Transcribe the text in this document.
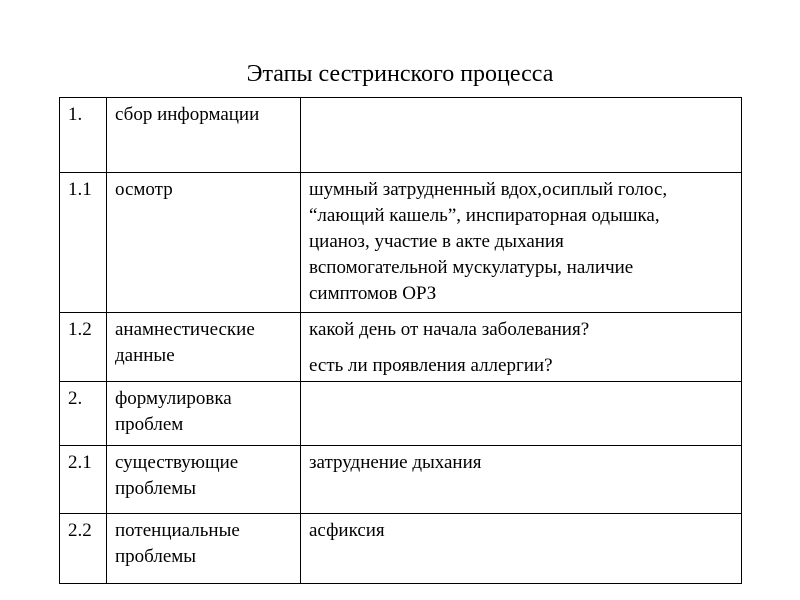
Этапы сестринского процесса
1.	сбор информации	

1.1	осмотр	шумный затрудненный вдох,осиплый голос,
“лающий кашель”, инспираторная одышка,
цианоз, участие в акте дыхания
вспомогательной мускулатуры, наличие
симптомов ОРЗ

1.2	анамнестические
данные	какой день от начала заболевания?
есть ли проявления аллергии?

2.	формулировка
проблем	

2.1	существующие
проблемы	затруднение дыхания

2.2	потенциальные
проблемы	асфиксия
